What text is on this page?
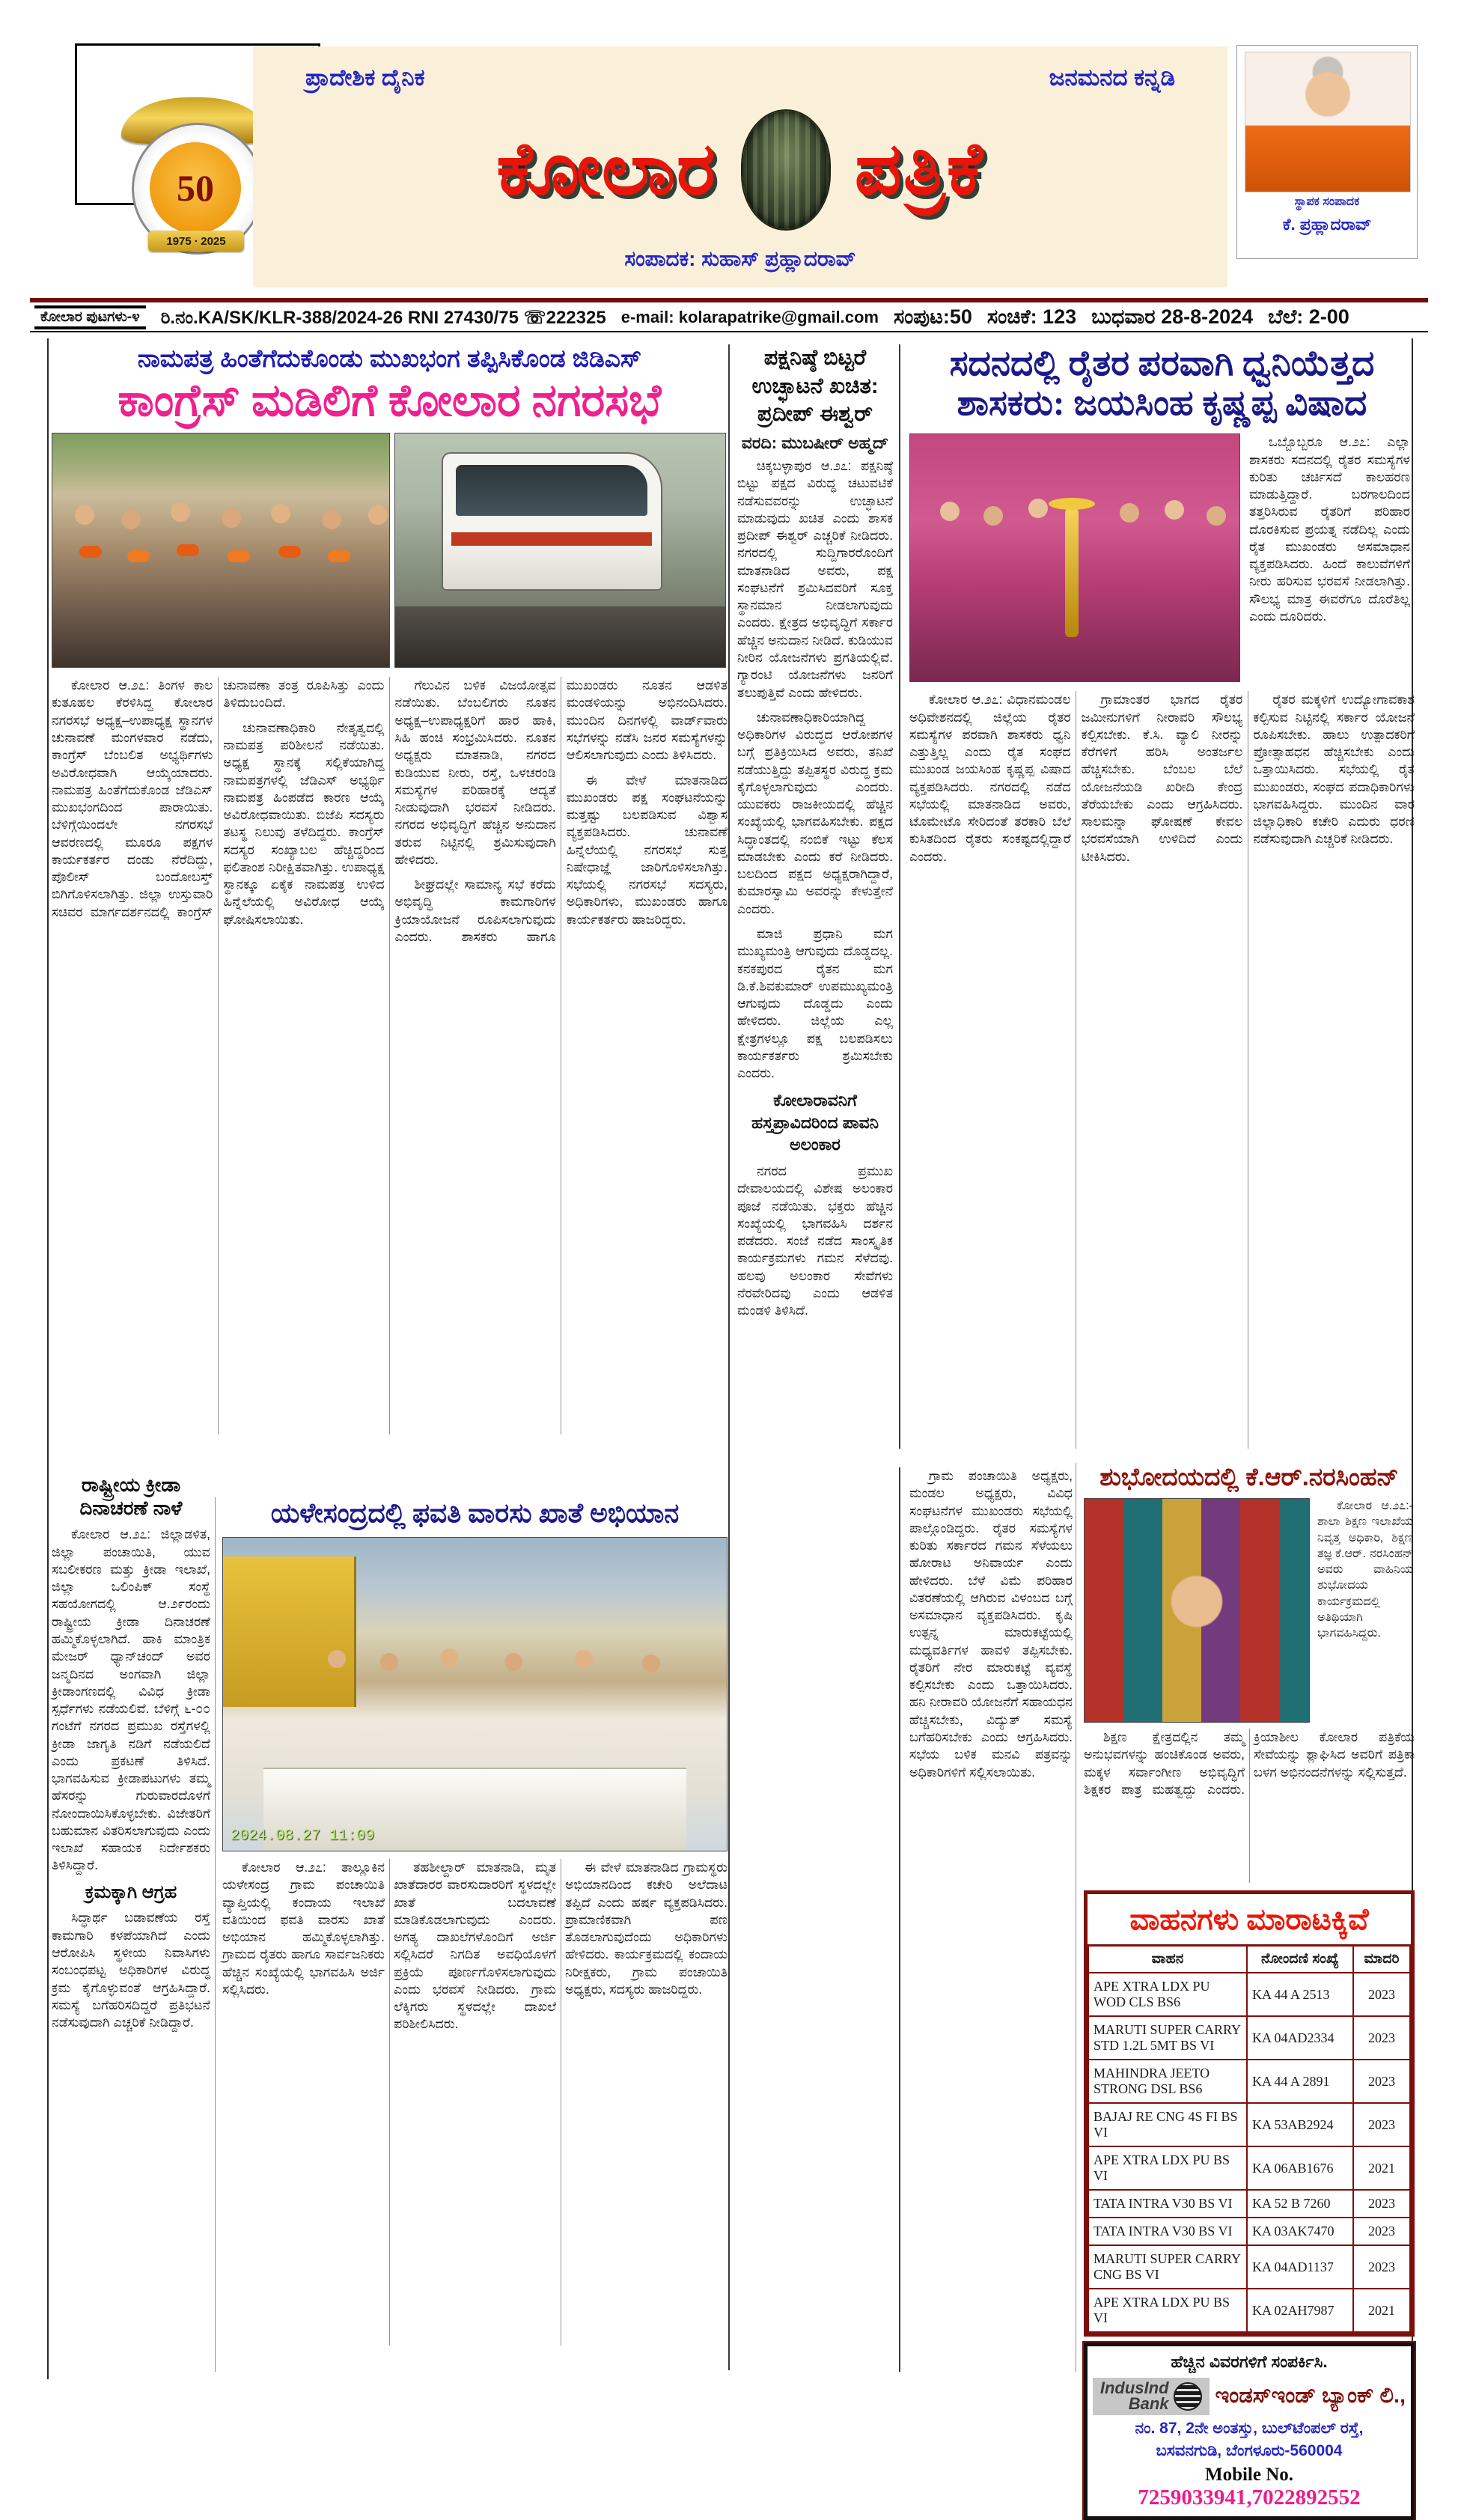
50
1975 ∙ 2025
ಪ್ರಾದೇಶಿಕ ದೈನಿಕ	ಜನಮನದ ಕನ್ನಡಿ
ಕೋಲಾರ ಪತ್ರಿಕೆ
ಸಂಪಾದಕ: ಸುಹಾಸ್ ಪ್ರಹ್ಲಾದರಾವ್
ಸ್ಥಾಪಕ ಸಂಪಾದಕ
ಕೆ. ಪ್ರಹ್ಲಾದರಾವ್
ಕೋಲಾರ ಪುಟಗಳು-೪	ರಿ.ನಂ.KA/SK/KLR-388/2024-26 RNI 27430/75 ☏222325 e-mail: kolarapatrike@gmail.com ಸಂಪುಟ:50 ಸಂಚಿಕೆ: 123 ಬುಧವಾರ 28-8-2024 ಬೆಲೆ: 2-00
ನಾಮಪತ್ರ ಹಿಂತೆಗೆದುಕೊಂಡು ಮುಖಭಂಗ ತಪ್ಪಿಸಿಕೊಂಡ ಜಿಡಿಎಸ್
ಕಾಂಗ್ರೆಸ್ ಮಡಿಲಿಗೆ ಕೋಲಾರ ನಗರಸಭೆ

ಕೋಲಾರ ಆ.೨೭: ತಿಂಗಳ ಕಾಲ ಕುತೂಹಲ ಕೆರಳಿಸಿದ್ದ ಕೋಲಾರ ನಗರಸಭೆ ಅಧ್ಯಕ್ಷ–ಉಪಾಧ್ಯಕ್ಷ ಸ್ಥಾನಗಳ ಚುನಾವಣೆ ಮಂಗಳವಾರ ನಡೆದು, ಕಾಂಗ್ರೆಸ್ ಬೆಂಬಲಿತ ಅಭ್ಯರ್ಥಿಗಳು ಅವಿರೋಧವಾಗಿ ಆಯ್ಕೆಯಾದರು. ನಾಮಪತ್ರ ಹಿಂತೆಗೆದುಕೊಂಡ ಜೆಡಿಎಸ್ ಮುಖಭಂಗದಿಂದ ಪಾರಾಯಿತು. ಬೆಳಿಗ್ಗೆಯಿಂದಲೇ ನಗರಸಭೆ ಆವರಣದಲ್ಲಿ ಮೂರೂ ಪಕ್ಷಗಳ ಕಾರ್ಯಕರ್ತರ ದಂಡು ನೆರೆದಿದ್ದು, ಪೊಲೀಸ್ ಬಂದೋಬಸ್ತ್ ಬಿಗಿಗೊಳಿಸಲಾಗಿತ್ತು. ಜಿಲ್ಲಾ ಉಸ್ತುವಾರಿ ಸಚಿವರ ಮಾರ್ಗದರ್ಶನದಲ್ಲಿ ಕಾಂಗ್ರೆಸ್ ಚುನಾವಣಾ ತಂತ್ರ ರೂಪಿಸಿತ್ತು ಎಂದು ತಿಳಿದುಬಂದಿದೆ.

ಚುನಾವಣಾಧಿಕಾರಿ ನೇತೃತ್ವದಲ್ಲಿ ನಾಮಪತ್ರ ಪರಿಶೀಲನೆ ನಡೆಯಿತು. ಅಧ್ಯಕ್ಷ ಸ್ಥಾನಕ್ಕೆ ಸಲ್ಲಿಕೆಯಾಗಿದ್ದ ನಾಮಪತ್ರಗಳಲ್ಲಿ ಜೆಡಿಎಸ್ ಅಭ್ಯರ್ಥಿ ನಾಮಪತ್ರ ಹಿಂಪಡೆದ ಕಾರಣ ಆಯ್ಕೆ ಅವಿರೋಧವಾಯಿತು. ಬಿಜೆಪಿ ಸದಸ್ಯರು ತಟಸ್ಥ ನಿಲುವು ತಳೆದಿದ್ದರು. ಕಾಂಗ್ರೆಸ್ ಸದಸ್ಯರ ಸಂಖ್ಯಾಬಲ ಹೆಚ್ಚಿದ್ದರಿಂದ ಫಲಿತಾಂಶ ನಿರೀಕ್ಷಿತವಾಗಿತ್ತು. ಉಪಾಧ್ಯಕ್ಷ ಸ್ಥಾನಕ್ಕೂ ಏಕೈಕ ನಾಮಪತ್ರ ಉಳಿದ ಹಿನ್ನೆಲೆಯಲ್ಲಿ ಅವಿರೋಧ ಆಯ್ಕೆ ಘೋಷಿಸಲಾಯಿತು.

ಗೆಲುವಿನ ಬಳಿಕ ವಿಜಯೋತ್ಸವ ನಡೆಯಿತು. ಬೆಂಬಲಿಗರು ನೂತನ ಅಧ್ಯಕ್ಷ–ಉಪಾಧ್ಯಕ್ಷರಿಗೆ ಹಾರ ಹಾಕಿ, ಸಿಹಿ ಹಂಚಿ ಸಂಭ್ರಮಿಸಿದರು. ನೂತನ ಅಧ್ಯಕ್ಷರು ಮಾತನಾಡಿ, ನಗರದ ಕುಡಿಯುವ ನೀರು, ರಸ್ತೆ, ಒಳಚರಂಡಿ ಸಮಸ್ಯೆಗಳ ಪರಿಹಾರಕ್ಕೆ ಆದ್ಯತೆ ನೀಡುವುದಾಗಿ ಭರವಸೆ ನೀಡಿದರು. ನಗರದ ಅಭಿವೃದ್ಧಿಗೆ ಹೆಚ್ಚಿನ ಅನುದಾನ ತರುವ ನಿಟ್ಟಿನಲ್ಲಿ ಶ್ರಮಿಸುವುದಾಗಿ ಹೇಳಿದರು.

ಶೀಘ್ರದಲ್ಲೇ ಸಾಮಾನ್ಯ ಸಭೆ ಕರೆದು ಅಭಿವೃದ್ಧಿ ಕಾಮಗಾರಿಗಳ ಕ್ರಿಯಾಯೋಜನೆ ರೂಪಿಸಲಾಗುವುದು ಎಂದರು. ಶಾಸಕರು ಹಾಗೂ ಮುಖಂಡರು ನೂತನ ಆಡಳಿತ ಮಂಡಳಿಯನ್ನು ಅಭಿನಂದಿಸಿದರು. ಮುಂದಿನ ದಿನಗಳಲ್ಲಿ ವಾರ್ಡ್‌ವಾರು ಸಭೆಗಳನ್ನು ನಡೆಸಿ ಜನರ ಸಮಸ್ಯೆಗಳನ್ನು ಆಲಿಸಲಾಗುವುದು ಎಂದು ತಿಳಿಸಿದರು.

ಈ ವೇಳೆ ಮಾತನಾಡಿದ ಮುಖಂಡರು ಪಕ್ಷ ಸಂಘಟನೆಯನ್ನು ಮತ್ತಷ್ಟು ಬಲಪಡಿಸುವ ವಿಶ್ವಾಸ ವ್ಯಕ್ತಪಡಿಸಿದರು. ಚುನಾವಣೆ ಹಿನ್ನೆಲೆಯಲ್ಲಿ ನಗರಸಭೆ ಸುತ್ತ ನಿಷೇಧಾಜ್ಞೆ ಜಾರಿಗೊಳಿಸಲಾಗಿತ್ತು. ಸಭೆಯಲ್ಲಿ ನಗರಸಭೆ ಸದಸ್ಯರು, ಅಧಿಕಾರಿಗಳು, ಮುಖಂಡರು ಹಾಗೂ ಕಾರ್ಯಕರ್ತರು ಹಾಜರಿದ್ದರು.

ರಾಷ್ಟ್ರೀಯ ಕ್ರೀಡಾ ದಿನಾಚರಣೆ ನಾಳೆ

ಕೋಲಾರ ಆ.೨೭: ಜಿಲ್ಲಾಡಳಿತ, ಜಿಲ್ಲಾ ಪಂಚಾಯಿತಿ, ಯುವ ಸಬಲೀಕರಣ ಮತ್ತು ಕ್ರೀಡಾ ಇಲಾಖೆ, ಜಿಲ್ಲಾ ಒಲಿಂಪಿಕ್ ಸಂಸ್ಥೆ ಸಹಯೋಗದಲ್ಲಿ ಆ.೨೯ರಂದು ರಾಷ್ಟ್ರೀಯ ಕ್ರೀಡಾ ದಿನಾಚರಣೆ ಹಮ್ಮಿಕೊಳ್ಳಲಾಗಿದೆ. ಹಾಕಿ ಮಾಂತ್ರಿಕ ಮೇಜರ್ ಧ್ಯಾನ್‌ಚಂದ್ ಅವರ ಜನ್ಮದಿನದ ಅಂಗವಾಗಿ ಜಿಲ್ಲಾ ಕ್ರೀಡಾಂಗಣದಲ್ಲಿ ವಿವಿಧ ಕ್ರೀಡಾ ಸ್ಪರ್ಧೆಗಳು ನಡೆಯಲಿವೆ. ಬೆಳಿಗ್ಗೆ ೬-೦೦ ಗಂಟೆಗೆ ನಗರದ ಪ್ರಮುಖ ರಸ್ತೆಗಳಲ್ಲಿ ಕ್ರೀಡಾ ಜಾಗೃತಿ ನಡಿಗೆ ನಡೆಯಲಿದೆ ಎಂದು ಪ್ರಕಟಣೆ ತಿಳಿಸಿದೆ. ಭಾಗವಹಿಸುವ ಕ್ರೀಡಾಪಟುಗಳು ತಮ್ಮ ಹೆಸರನ್ನು ಗುರುವಾರದೊಳಗೆ ನೋಂದಾಯಿಸಿಕೊಳ್ಳಬೇಕು. ವಿಜೇತರಿಗೆ ಬಹುಮಾನ ವಿತರಿಸಲಾಗುವುದು ಎಂದು ಇಲಾಖೆ ಸಹಾಯಕ ನಿರ್ದೇಶಕರು ತಿಳಿಸಿದ್ದಾರೆ.

ಕ್ರಮಕ್ಕಾಗಿ ಆಗ್ರಹ

ಸಿದ್ಧಾರ್ಥ ಬಡಾವಣೆಯ ರಸ್ತೆ ಕಾಮಗಾರಿ ಕಳಪೆಯಾಗಿದೆ ಎಂದು ಆರೋಪಿಸಿ ಸ್ಥಳೀಯ ನಿವಾಸಿಗಳು ಸಂಬಂಧಪಟ್ಟ ಅಧಿಕಾರಿಗಳ ವಿರುದ್ಧ ಕ್ರಮ ಕೈಗೊಳ್ಳುವಂತೆ ಆಗ್ರಹಿಸಿದ್ದಾರೆ. ಸಮಸ್ಯೆ ಬಗೆಹರಿಸದಿದ್ದರೆ ಪ್ರತಿಭಟನೆ ನಡೆಸುವುದಾಗಿ ಎಚ್ಚರಿಕೆ ನೀಡಿದ್ದಾರೆ.

ಯಳೇಸಂದ್ರದಲ್ಲಿ ಫವತಿ ವಾರಸು ಖಾತೆ ಅಭಿಯಾನ
2024.08.27 11:09

ಕೋಲಾರ ಆ.೨೭: ತಾಲ್ಲೂಕಿನ ಯಳೇಸಂದ್ರ ಗ್ರಾಮ ಪಂಚಾಯಿತಿ ವ್ಯಾಪ್ತಿಯಲ್ಲಿ ಕಂದಾಯ ಇಲಾಖೆ ವತಿಯಿಂದ ಫವತಿ ವಾರಸು ಖಾತೆ ಅಭಿಯಾನ ಹಮ್ಮಿಕೊಳ್ಳಲಾಗಿತ್ತು. ಗ್ರಾಮದ ರೈತರು ಹಾಗೂ ಸಾರ್ವಜನಿಕರು ಹೆಚ್ಚಿನ ಸಂಖ್ಯೆಯಲ್ಲಿ ಭಾಗವಹಿಸಿ ಅರ್ಜಿ ಸಲ್ಲಿಸಿದರು.

ತಹಶೀಲ್ದಾರ್ ಮಾತನಾಡಿ, ಮೃತ ಖಾತೆದಾರರ ವಾರಸುದಾರರಿಗೆ ಸ್ಥಳದಲ್ಲೇ ಖಾತೆ ಬದಲಾವಣೆ ಮಾಡಿಕೊಡಲಾಗುವುದು ಎಂದರು. ಅಗತ್ಯ ದಾಖಲೆಗಳೊಂದಿಗೆ ಅರ್ಜಿ ಸಲ್ಲಿಸಿದರೆ ನಿಗದಿತ ಅವಧಿಯೊಳಗೆ ಪ್ರಕ್ರಿಯೆ ಪೂರ್ಣಗೊಳಿಸಲಾಗುವುದು ಎಂದು ಭರವಸೆ ನೀಡಿದರು. ಗ್ರಾಮ ಲೆಕ್ಕಿಗರು ಸ್ಥಳದಲ್ಲೇ ದಾಖಲೆ ಪರಿಶೀಲಿಸಿದರು.

ಈ ವೇಳೆ ಮಾತನಾಡಿದ ಗ್ರಾಮಸ್ಥರು ಅಭಿಯಾನದಿಂದ ಕಚೇರಿ ಅಲೆದಾಟ ತಪ್ಪಿದೆ ಎಂದು ಹರ್ಷ ವ್ಯಕ್ತಪಡಿಸಿದರು. ಪ್ರಾಮಾಣಿಕವಾಗಿ ಪಣ ತೊಡಲಾಗುವುದೆಂದು ಅಧಿಕಾರಿಗಳು ಹೇಳಿದರು. ಕಾರ್ಯಕ್ರಮದಲ್ಲಿ ಕಂದಾಯ ನಿರೀಕ್ಷಕರು, ಗ್ರಾಮ ಪಂಚಾಯಿತಿ ಅಧ್ಯಕ್ಷರು, ಸದಸ್ಯರು ಹಾಜರಿದ್ದರು.

ಪಕ್ಷನಿಷ್ಠೆ ಬಿಟ್ಟರೆ ಉಚ್ಛಾಟನೆ ಖಚಿತ: ಪ್ರದೀಪ್ ಈಶ್ವರ್
ವರದಿ: ಮುಬಷೀರ್ ಅಹ್ಮದ್

ಚಿಕ್ಕಬಳ್ಳಾಪುರ ಆ.೨೭: ಪಕ್ಷನಿಷ್ಠೆ ಬಿಟ್ಟು ಪಕ್ಷದ ವಿರುದ್ಧ ಚಟುವಟಿಕೆ ನಡೆಸುವವರನ್ನು ಉಚ್ಛಾಟನೆ ಮಾಡುವುದು ಖಚಿತ ಎಂದು ಶಾಸಕ ಪ್ರದೀಪ್ ಈಶ್ವರ್ ಎಚ್ಚರಿಕೆ ನೀಡಿದರು. ನಗರದಲ್ಲಿ ಸುದ್ದಿಗಾರರೊಂದಿಗೆ ಮಾತನಾಡಿದ ಅವರು, ಪಕ್ಷ ಸಂಘಟನೆಗೆ ಶ್ರಮಿಸಿದವರಿಗೆ ಸೂಕ್ತ ಸ್ಥಾನಮಾನ ನೀಡಲಾಗುವುದು ಎಂದರು. ಕ್ಷೇತ್ರದ ಅಭಿವೃದ್ಧಿಗೆ ಸರ್ಕಾರ ಹೆಚ್ಚಿನ ಅನುದಾನ ನೀಡಿದೆ. ಕುಡಿಯುವ ನೀರಿನ ಯೋಜನೆಗಳು ಪ್ರಗತಿಯಲ್ಲಿವೆ. ಗ್ಯಾರಂಟಿ ಯೋಜನೆಗಳು ಜನರಿಗೆ ತಲುಪುತ್ತಿವೆ ಎಂದು ಹೇಳಿದರು.

ಚುನಾವಣಾಧಿಕಾರಿಯಾಗಿದ್ದ ಅಧಿಕಾರಿಗಳ ವಿರುದ್ಧದ ಆರೋಪಗಳ ಬಗ್ಗೆ ಪ್ರತಿಕ್ರಿಯಿಸಿದ ಅವರು, ತನಿಖೆ ನಡೆಯುತ್ತಿದ್ದು ತಪ್ಪಿತಸ್ಥರ ವಿರುದ್ಧ ಕ್ರಮ ಕೈಗೊಳ್ಳಲಾಗುವುದು ಎಂದರು. ಯುವಕರು ರಾಜಕೀಯದಲ್ಲಿ ಹೆಚ್ಚಿನ ಸಂಖ್ಯೆಯಲ್ಲಿ ಭಾಗವಹಿಸಬೇಕು. ಪಕ್ಷದ ಸಿದ್ಧಾಂತದಲ್ಲಿ ನಂಬಿಕೆ ಇಟ್ಟು ಕೆಲಸ ಮಾಡಬೇಕು ಎಂದು ಕರೆ ನೀಡಿದರು. ಬಲದಿಂದ ಪಕ್ಷದ ಅಧ್ಯಕ್ಷರಾಗಿದ್ದಾರೆ, ಕುಮಾರಸ್ವಾಮಿ ಅವರನ್ನು ಕೇಳುತ್ತೇನೆ ಎಂದರು.

ಮಾಜಿ ಪ್ರಧಾನಿ ಮಗ ಮುಖ್ಯಮಂತ್ರಿ ಆಗುವುದು ದೊಡ್ಡದಲ್ಲ. ಕನಕಪುರದ ರೈತನ ಮಗ ಡಿ.ಕೆ.ಶಿವಕುಮಾರ್ ಉಪಮುಖ್ಯಮಂತ್ರಿ ಆಗುವುದು ದೊಡ್ಡದು ಎಂದು ಹೇಳಿದರು. ಜಿಲ್ಲೆಯ ಎಲ್ಲ ಕ್ಷೇತ್ರಗಳಲ್ಲೂ ಪಕ್ಷ ಬಲಪಡಿಸಲು ಕಾರ್ಯಕರ್ತರು ಶ್ರಮಿಸಬೇಕು ಎಂದರು.

ಕೋಲಾರಾವನಿಗೆ ಹಸ್ತಪ್ರಾವಿದರಿಂದ ಪಾವನಿ ಅಲಂಕಾರ

ನಗರದ ಪ್ರಮುಖ ದೇವಾಲಯದಲ್ಲಿ ವಿಶೇಷ ಅಲಂಕಾರ ಪೂಜೆ ನಡೆಯಿತು. ಭಕ್ತರು ಹೆಚ್ಚಿನ ಸಂಖ್ಯೆಯಲ್ಲಿ ಭಾಗವಹಿಸಿ ದರ್ಶನ ಪಡೆದರು. ಸಂಜೆ ನಡೆದ ಸಾಂಸ್ಕೃತಿಕ ಕಾರ್ಯಕ್ರಮಗಳು ಗಮನ ಸೆಳೆದವು. ಹಲವು ಅಲಂಕಾರ ಸೇವೆಗಳು ನೆರವೇರಿದವು ಎಂದು ಆಡಳಿತ ಮಂಡಳಿ ತಿಳಿಸಿದೆ.

ಸದನದಲ್ಲಿ ರೈತರ ಪರವಾಗಿ ಧ್ವನಿಯೆತ್ತದ ಶಾಸಕರು: ಜಯಸಿಂಹ ಕೃಷ್ಣಪ್ಪ ವಿಷಾದ

ಒಬ್ಬೊಬ್ಬರೂ ಆ.೨೭: ಎಲ್ಲಾ ಶಾಸಕರು ಸದನದಲ್ಲಿ ರೈತರ ಸಮಸ್ಯೆಗಳ ಕುರಿತು ಚರ್ಚಿಸದೆ ಕಾಲಹರಣ ಮಾಡುತ್ತಿದ್ದಾರೆ. ಬರಗಾಲದಿಂದ ತತ್ತರಿಸಿರುವ ರೈತರಿಗೆ ಪರಿಹಾರ ದೊರಕಿಸುವ ಪ್ರಯತ್ನ ನಡೆದಿಲ್ಲ ಎಂದು ರೈತ ಮುಖಂಡರು ಅಸಮಾಧಾನ ವ್ಯಕ್ತಪಡಿಸಿದರು. ಹಿಂದೆ ಕಾಲುವೆಗಳಿಗೆ ನೀರು ಹರಿಸುವ ಭರವಸೆ ನೀಡಲಾಗಿತ್ತು. ಸೌಲಭ್ಯ ಮಾತ್ರ ಈವರೆಗೂ ದೊರೆತಿಲ್ಲ ಎಂದು ದೂರಿದರು.

ಕೋಲಾರ ಆ.೨೭: ವಿಧಾನಮಂಡಲ ಅಧಿವೇಶನದಲ್ಲಿ ಜಿಲ್ಲೆಯ ರೈತರ ಸಮಸ್ಯೆಗಳ ಪರವಾಗಿ ಶಾಸಕರು ಧ್ವನಿ ಎತ್ತುತ್ತಿಲ್ಲ ಎಂದು ರೈತ ಸಂಘದ ಮುಖಂಡ ಜಯಸಿಂಹ ಕೃಷ್ಣಪ್ಪ ವಿಷಾದ ವ್ಯಕ್ತಪಡಿಸಿದರು. ನಗರದಲ್ಲಿ ನಡೆದ ಸಭೆಯಲ್ಲಿ ಮಾತನಾಡಿದ ಅವರು, ಟೊಮೇಟೊ ಸೇರಿದಂತೆ ತರಕಾರಿ ಬೆಲೆ ಕುಸಿತದಿಂದ ರೈತರು ಸಂಕಷ್ಟದಲ್ಲಿದ್ದಾರೆ ಎಂದರು.

ಗ್ರಾಮಾಂತರ ಭಾಗದ ರೈತರ ಜಮೀನುಗಳಿಗೆ ನೀರಾವರಿ ಸೌಲಭ್ಯ ಕಲ್ಪಿಸಬೇಕು. ಕೆ.ಸಿ. ವ್ಯಾಲಿ ನೀರನ್ನು ಕೆರೆಗಳಿಗೆ ಹರಿಸಿ ಅಂತರ್ಜಲ ಹೆಚ್ಚಿಸಬೇಕು. ಬೆಂಬಲ ಬೆಲೆ ಯೋಜನೆಯಡಿ ಖರೀದಿ ಕೇಂದ್ರ ತೆರೆಯಬೇಕು ಎಂದು ಆಗ್ರಹಿಸಿದರು. ಸಾಲಮನ್ನಾ ಘೋಷಣೆ ಕೇವಲ ಭರವಸೆಯಾಗಿ ಉಳಿದಿದೆ ಎಂದು ಟೀಕಿಸಿದರು.

ರೈತರ ಮಕ್ಕಳಿಗೆ ಉದ್ಯೋಗಾವಕಾಶ ಕಲ್ಪಿಸುವ ನಿಟ್ಟಿನಲ್ಲಿ ಸರ್ಕಾರ ಯೋಜನೆ ರೂಪಿಸಬೇಕು. ಹಾಲು ಉತ್ಪಾದಕರಿಗೆ ಪ್ರೋತ್ಸಾಹಧನ ಹೆಚ್ಚಿಸಬೇಕು ಎಂದು ಒತ್ತಾಯಿಸಿದರು. ಸಭೆಯಲ್ಲಿ ರೈತ ಮುಖಂಡರು, ಸಂಘದ ಪದಾಧಿಕಾರಿಗಳು ಭಾಗವಹಿಸಿದ್ದರು. ಮುಂದಿನ ವಾರ ಜಿಲ್ಲಾಧಿಕಾರಿ ಕಚೇರಿ ಎದುರು ಧರಣಿ ನಡೆಸುವುದಾಗಿ ಎಚ್ಚರಿಕೆ ನೀಡಿದರು.

ಗ್ರಾಮ ಪಂಚಾಯಿತಿ ಅಧ್ಯಕ್ಷರು, ಮಂಡಲ ಅಧ್ಯಕ್ಷರು, ವಿವಿಧ ಸಂಘಟನೆಗಳ ಮುಖಂಡರು ಸಭೆಯಲ್ಲಿ ಪಾಲ್ಗೊಂಡಿದ್ದರು. ರೈತರ ಸಮಸ್ಯೆಗಳ ಕುರಿತು ಸರ್ಕಾರದ ಗಮನ ಸೆಳೆಯಲು ಹೋರಾಟ ಅನಿವಾರ್ಯ ಎಂದು ಹೇಳಿದರು. ಬೆಳೆ ವಿಮೆ ಪರಿಹಾರ ವಿತರಣೆಯಲ್ಲಿ ಆಗಿರುವ ವಿಳಂಬದ ಬಗ್ಗೆ ಅಸಮಾಧಾನ ವ್ಯಕ್ತಪಡಿಸಿದರು. ಕೃಷಿ ಉತ್ಪನ್ನ ಮಾರುಕಟ್ಟೆಯಲ್ಲಿ ಮಧ್ಯವರ್ತಿಗಳ ಹಾವಳಿ ತಪ್ಪಿಸಬೇಕು. ರೈತರಿಗೆ ನೇರ ಮಾರುಕಟ್ಟೆ ವ್ಯವಸ್ಥೆ ಕಲ್ಪಿಸಬೇಕು ಎಂದು ಒತ್ತಾಯಿಸಿದರು. ಹನಿ ನೀರಾವರಿ ಯೋಜನೆಗೆ ಸಹಾಯಧನ ಹೆಚ್ಚಿಸಬೇಕು, ವಿದ್ಯುತ್ ಸಮಸ್ಯೆ ಬಗೆಹರಿಸಬೇಕು ಎಂದು ಆಗ್ರಹಿಸಿದರು. ಸಭೆಯ ಬಳಿಕ ಮನವಿ ಪತ್ರವನ್ನು ಅಧಿಕಾರಿಗಳಿಗೆ ಸಲ್ಲಿಸಲಾಯಿತು.

ಶುಭೋದಯದಲ್ಲಿ ಕೆ.ಆರ್.ನರಸಿಂಹನ್

ಕೋಲಾರ ಆ.೨೭:- ಶಾಲಾ ಶಿಕ್ಷಣ ಇಲಾಖೆಯ ನಿವೃತ್ತ ಅಧಿಕಾರಿ, ಶಿಕ್ಷಣ ತಜ್ಞ ಕೆ.ಆರ್. ನರಸಿಂಹನ್ ಅವರು ವಾಹಿನಿಯ ಶುಭೋದಯ ಕಾರ್ಯಕ್ರಮದಲ್ಲಿ ಅತಿಥಿಯಾಗಿ ಭಾಗವಹಿಸಿದ್ದರು.

ಶಿಕ್ಷಣ ಕ್ಷೇತ್ರದಲ್ಲಿನ ತಮ್ಮ ಅನುಭವಗಳನ್ನು ಹಂಚಿಕೊಂಡ ಅವರು, ಮಕ್ಕಳ ಸರ್ವಾಂಗೀಣ ಅಭಿವೃದ್ಧಿಗೆ ಶಿಕ್ಷಕರ ಪಾತ್ರ ಮಹತ್ವದ್ದು ಎಂದರು. ಕ್ರಿಯಾಶೀಲ ಕೋಲಾರ ಪತ್ರಿಕೆಯ ಸೇವೆಯನ್ನು ಶ್ಲಾಘಿಸಿದ ಅವರಿಗೆ ಪತ್ರಿಕಾ ಬಳಗ ಅಭಿನಂದನೆಗಳನ್ನು ಸಲ್ಲಿಸುತ್ತದೆ.

ವಾಹನಗಳು ಮಾರಾಟಕ್ಕಿವೆ
ವಾಹನ	ನೋಂದಣಿ ಸಂಖ್ಯೆ	ಮಾದರಿ
APE XTRA LDX PU WOD CLS BS6	KA 44 A 2513	2023
MARUTI SUPER CARRY STD 1.2L 5MT BS VI	KA 04AD2334	2023
MAHINDRA JEETO STRONG DSL BS6	KA 44 A 2891	2023
BAJAJ RE CNG 4S FI BS VI	KA 53AB2924	2023
APE XTRA LDX PU BS VI	KA 06AB1676	2021
TATA INTRA V30 BS VI	KA 52 B 7260	2023
TATA INTRA V30 BS VI	KA 03AK7470	2023
MARUTI SUPER CARRY CNG BS VI	KA 04AD1137	2023
APE XTRA LDX PU BS VI	KA 02AH7987	2021
ಹೆಚ್ಚಿನ ವಿವರಗಳಿಗೆ ಸಂಪರ್ಕಿಸಿ.
IndusInd
Bank ಇಂಡಸ್‌ಇಂಡ್ ಬ್ಯಾಂಕ್ ಲಿ.,
ನಂ. 87, 2ನೇ ಅಂತಸ್ತು, ಬುಲ್‌ಟೆಂಪಲ್ ರಸ್ತೆ,
ಬಸವನಗುಡಿ, ಬೆಂಗಳೂರು-560004
Mobile No. 7259033941,7022892552
